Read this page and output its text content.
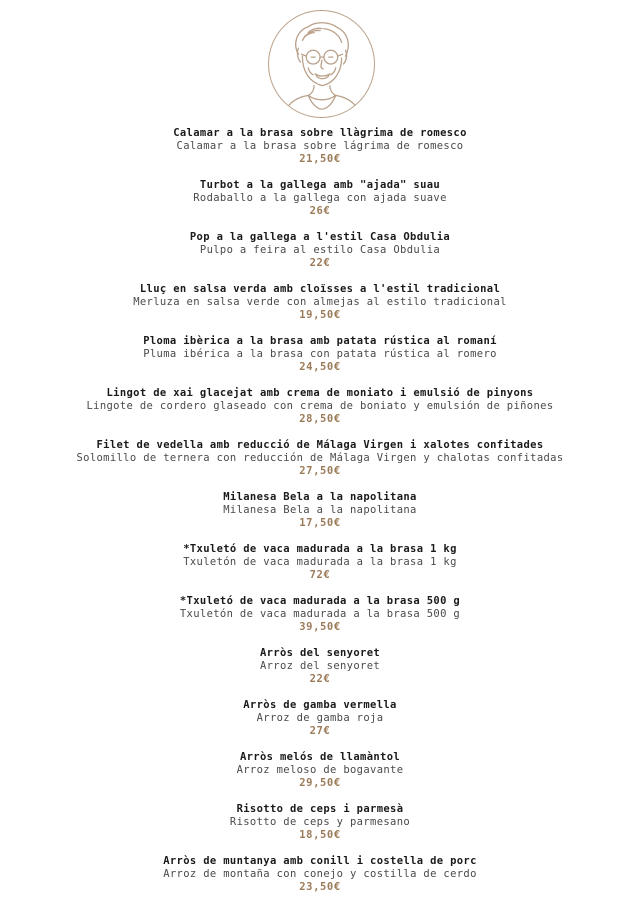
Calamar a la brasa sobre llàgrima de romesco
Calamar a la brasa sobre lágrima de romesco
21,50€
Turbot a la gallega amb "ajada" suau
Rodaballo a la gallega con ajada suave
26€
Pop a la gallega a l'estil Casa Obdulia
Pulpo a feira al estilo Casa Obdulia
22€
Lluç en salsa verda amb cloïsses a l'estil tradicional
Merluza en salsa verde con almejas al estilo tradicional
19,50€
Ploma ibèrica a la brasa amb patata rústica al romaní
Pluma ibérica a la brasa con patata rústica al romero
24,50€
Lingot de xai glacejat amb crema de moniato i emulsió de pinyons
Lingote de cordero glaseado con crema de boniato y emulsión de piñones
28,50€
Filet de vedella amb reducció de Málaga Virgen i xalotes confitades
Solomillo de ternera con reducción de Málaga Virgen y chalotas confitadas
27,50€
Milanesa Bela a la napolitana
Milanesa Bela a la napolitana
17,50€
*Txuletó de vaca madurada a la brasa 1 kg
Txuletón de vaca madurada a la brasa 1 kg
72€
*Txuletó de vaca madurada a la brasa 500 g
Txuletón de vaca madurada a la brasa 500 g
39,50€
Arròs del senyoret
Arroz del senyoret
22€
Arròs de gamba vermella
Arroz de gamba roja
27€
Arròs melós de llamàntol
Arroz meloso de bogavante
29,50€
Risotto de ceps i parmesà
Risotto de ceps y parmesano
18,50€
Arròs de muntanya amb conill i costella de porc
Arroz de montaña con conejo y costilla de cerdo
23,50€
